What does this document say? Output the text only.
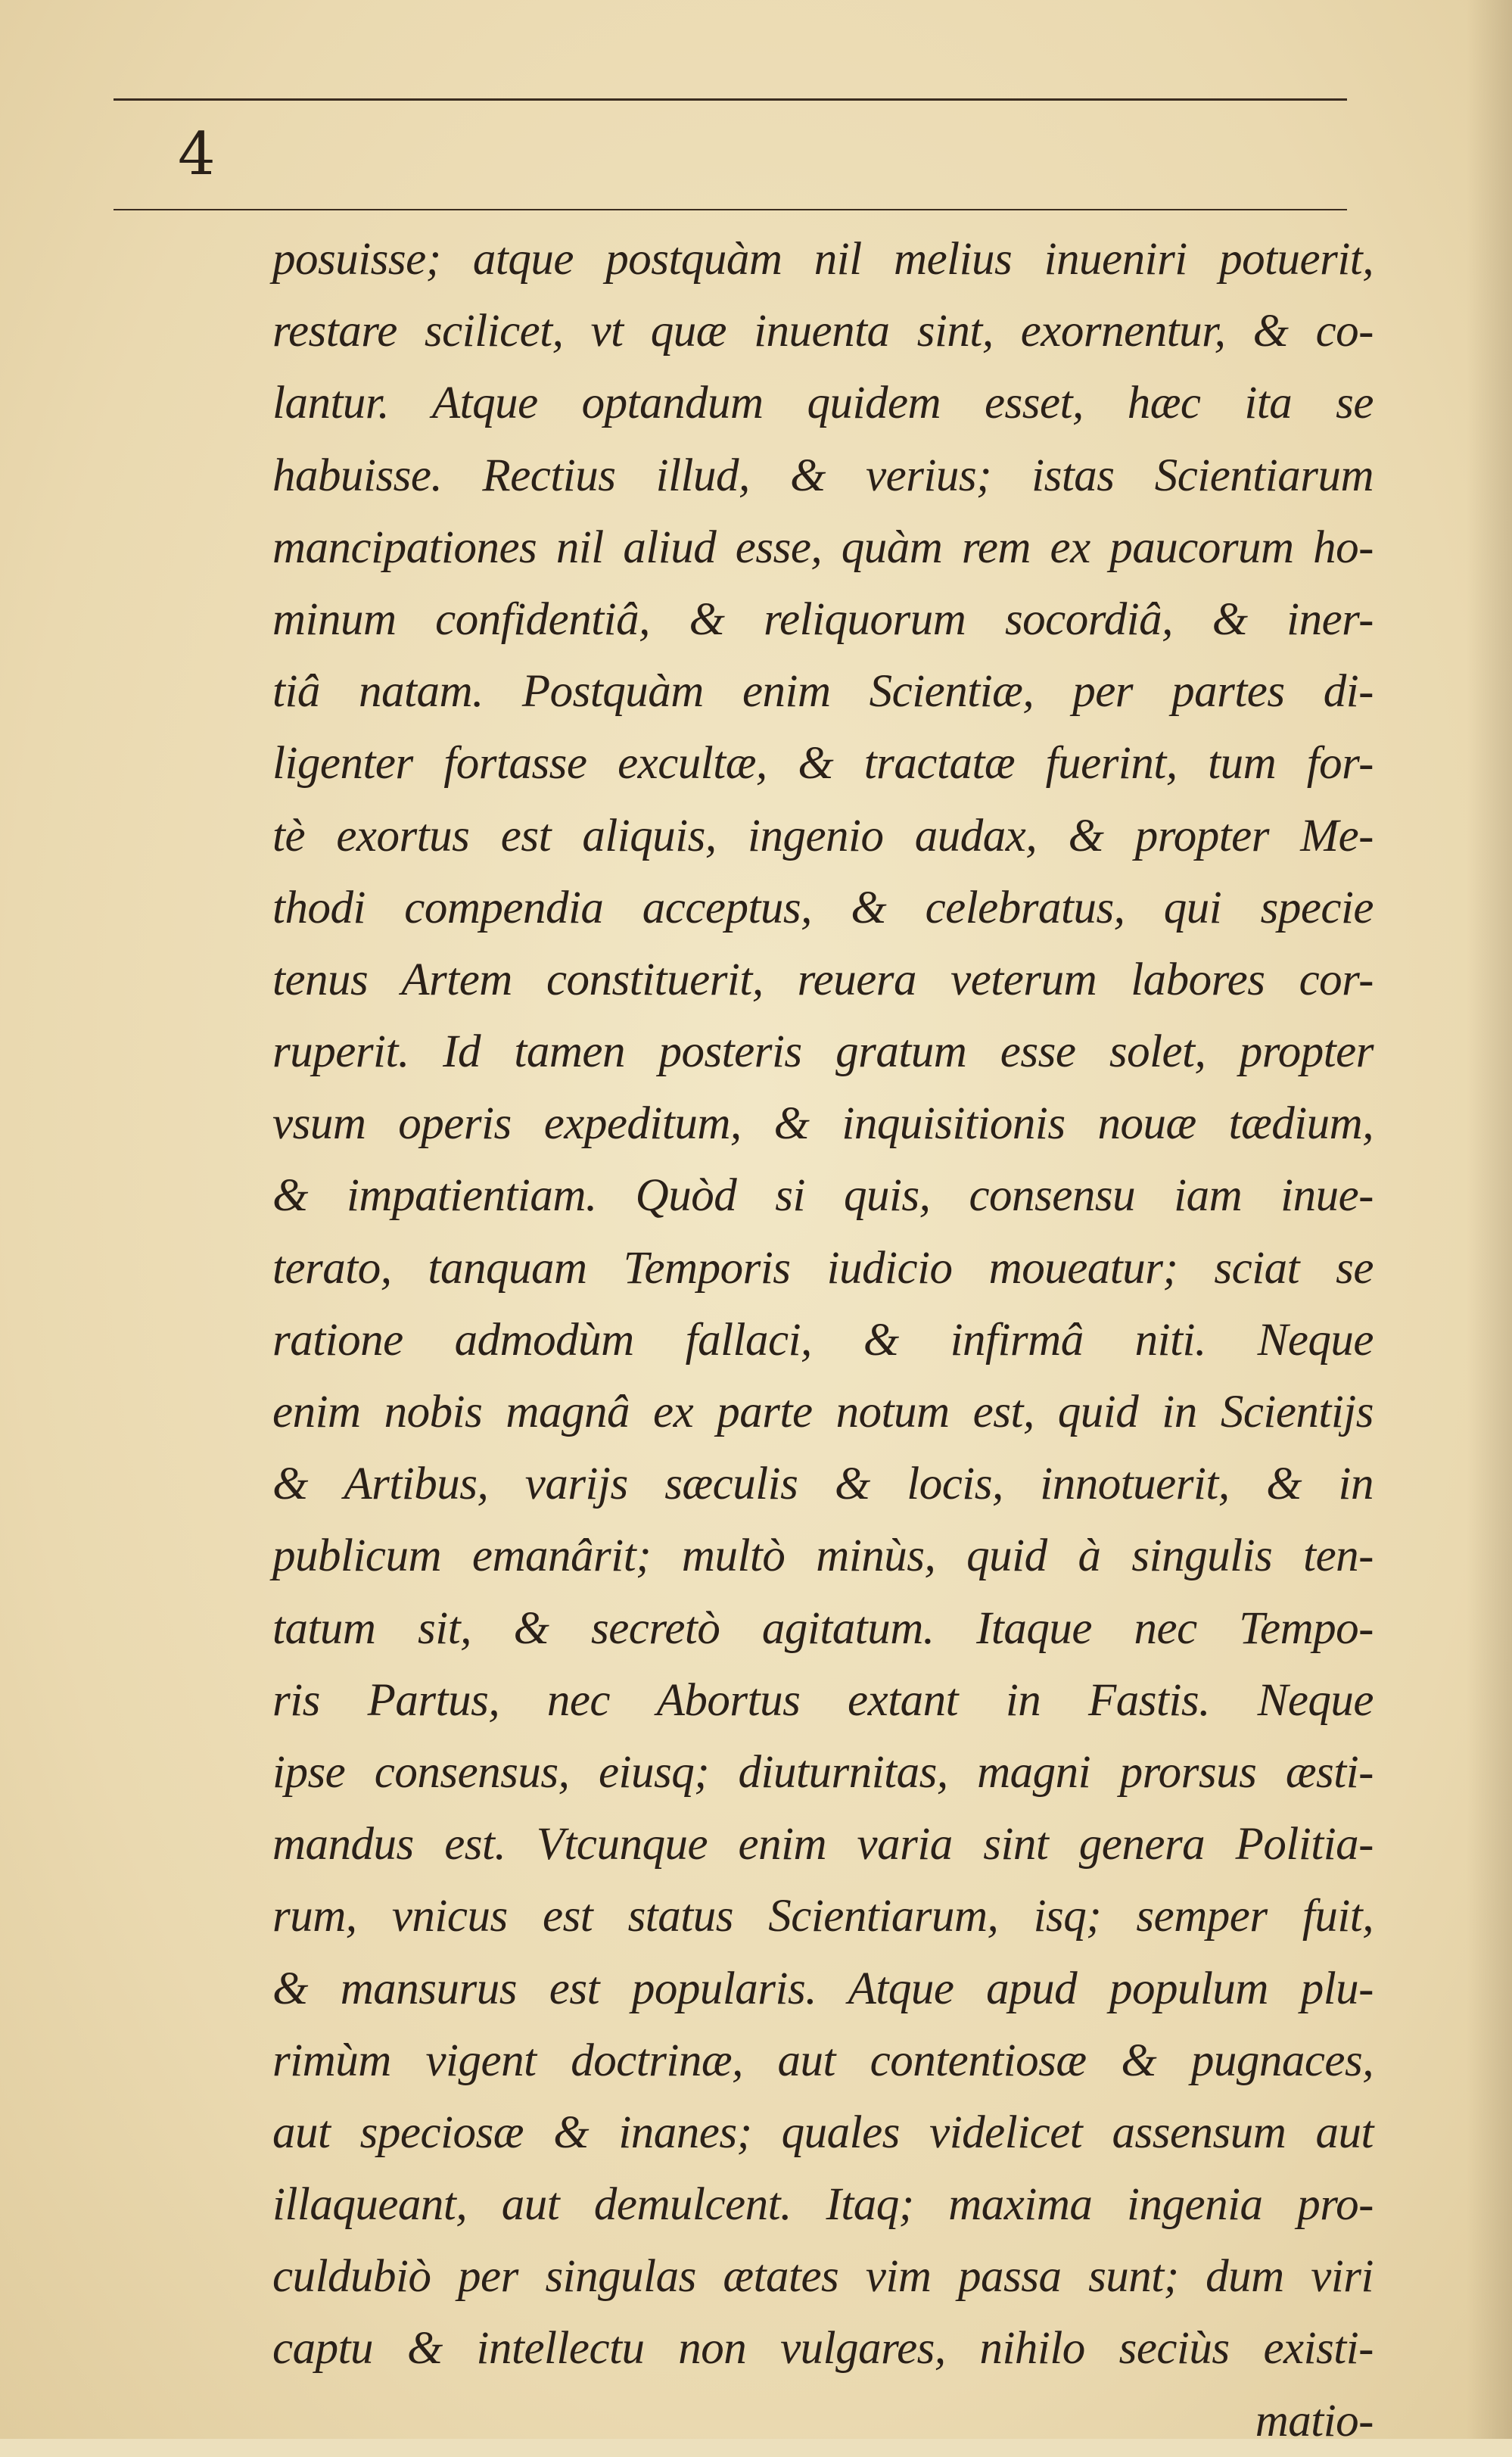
4
posuisse; atque postquàm nil melius inueniri potuerit,
restare scilicet, vt quæ inuenta sint, exornentur, & co-
lantur. Atque optandum quidem esset, hæc ita se
habuisse. Rectius illud, & verius; istas Scientiarum
mancipationes nil aliud esse, quàm rem ex paucorum ho-
minum confidentiâ, & reliquorum socordiâ, & iner-
tiâ natam. Postquàm enim Scientiæ, per partes di-
ligenter fortasse excultæ, & tractatæ fuerint, tum for-
tè exortus est aliquis, ingenio audax, & propter Me-
thodi compendia acceptus, & celebratus, qui specie
tenus Artem constituerit, reuera veterum labores cor-
ruperit. Id tamen posteris gratum esse solet, propter
vsum operis expeditum, & inquisitionis nouæ tædium,
& impatientiam. Quòd si quis, consensu iam inue-
terato, tanquam Temporis iudicio moueatur; sciat se
ratione admodùm fallaci, & infirmâ niti. Neque
enim nobis magnâ ex parte notum est, quid in Scientijs
& Artibus, varijs sæculis & locis, innotuerit, & in
publicum emanârit; multò minùs, quid à singulis ten-
tatum sit, & secretò agitatum. Itaque nec Tempo-
ris Partus, nec Abortus extant in Fastis. Neque
ipse consensus, eiusq; diuturnitas, magni prorsus æsti-
mandus est. Vtcunque enim varia sint genera Politia-
rum, vnicus est status Scientiarum, isq; semper fuit,
& mansurus est popularis. Atque apud populum plu-
rimùm vigent doctrinæ, aut contentiosæ & pugnaces,
aut speciosæ & inanes; quales videlicet assensum aut
illaqueant, aut demulcent. Itaq; maxima ingenia pro-
culdubiò per singulas ætates vim passa sunt; dum viri
captu & intellectu non vulgares, nihilo seciùs existi-
matio-
